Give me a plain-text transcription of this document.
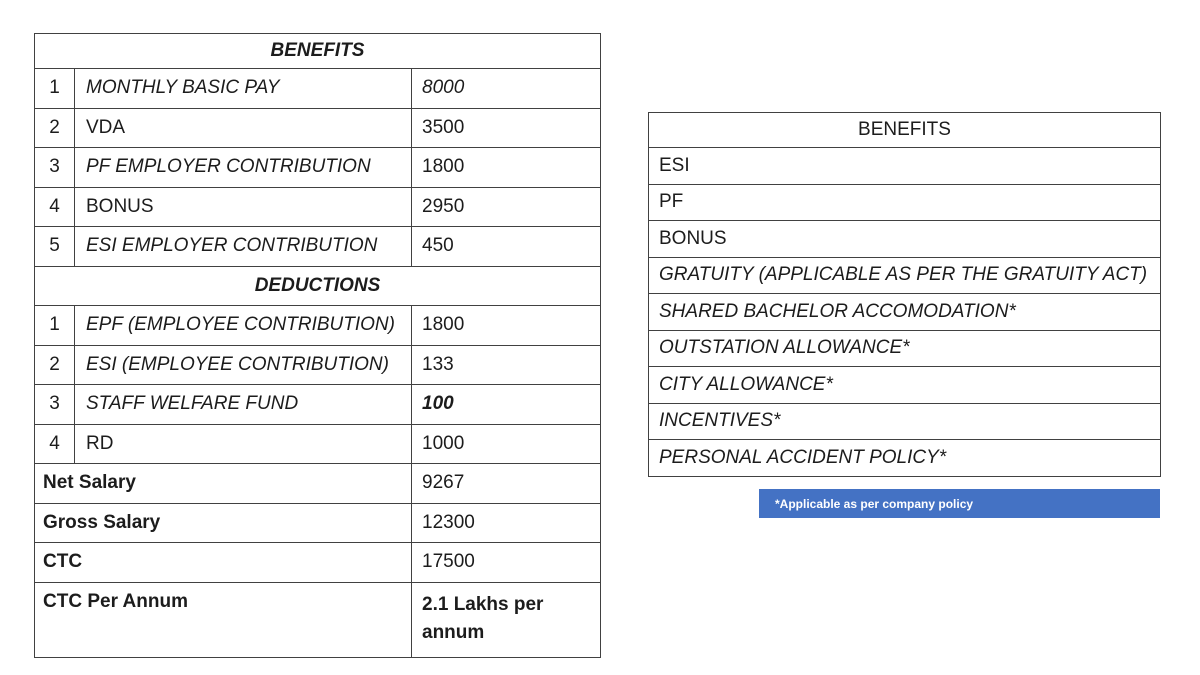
BENEFITS		
1	MONTHLY BASIC PAY	8000
2	VDA	3500
3	PF EMPLOYER CONTRIBUTION	1800
4	BONUS	2950
5	ESI EMPLOYER CONTRIBUTION	450
DEDUCTIONS		
1	EPF (EMPLOYEE CONTRIBUTION)	1800
2	ESI (EMPLOYEE CONTRIBUTION)	133
3	STAFF WELFARE FUND	100
4	RD	1000
Net Salary		9267
Gross Salary		12300
CTC		17500
CTC Per Annum		2.1 Lakhs per annum
BENEFITS
ESI
PF
BONUS
GRATUITY (APPLICABLE AS PER THE GRATUITY ACT)
SHARED BACHELOR ACCOMODATION*
OUTSTATION ALLOWANCE*
CITY ALLOWANCE*
INCENTIVES*
PERSONAL ACCIDENT POLICY*
*Applicable as per company policy
